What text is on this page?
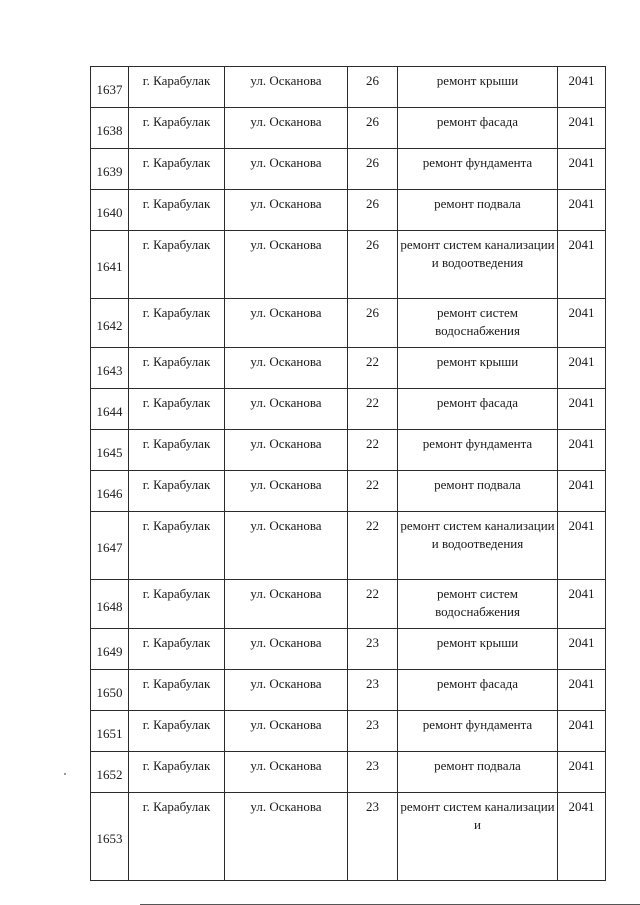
1637	г. Карабулак	ул. Осканова	26	ремонт крыши	2041

1638	г. Карабулак	ул. Осканова	26	ремонт фасада	2041

1639	г. Карабулак	ул. Осканова	26	ремонт фундамента	2041

1640	г. Карабулак	ул. Осканова	26	ремонт подвала	2041

1641	г. Карабулак	ул. Осканова	26	ремонт систем канализации и водоотведения	2041

1642	г. Карабулак	ул. Осканова	26	ремонт систем водоснабжения	2041

1643	г. Карабулак	ул. Осканова	22	ремонт крыши	2041

1644	г. Карабулак	ул. Осканова	22	ремонт фасада	2041

1645	г. Карабулак	ул. Осканова	22	ремонт фундамента	2041

1646	г. Карабулак	ул. Осканова	22	ремонт подвала	2041

1647	г. Карабулак	ул. Осканова	22	ремонт систем канализации и водоотведения	2041

1648	г. Карабулак	ул. Осканова	22	ремонт систем водоснабжения	2041

1649	г. Карабулак	ул. Осканова	23	ремонт крыши	2041

1650	г. Карабулак	ул. Осканова	23	ремонт фасада	2041

1651	г. Карабулак	ул. Осканова	23	ремонт фундамента	2041

1652	г. Карабулак	ул. Осканова	23	ремонт подвала	2041

1653	г. Карабулак	ул. Осканова	23	ремонт систем канализации и	2041
